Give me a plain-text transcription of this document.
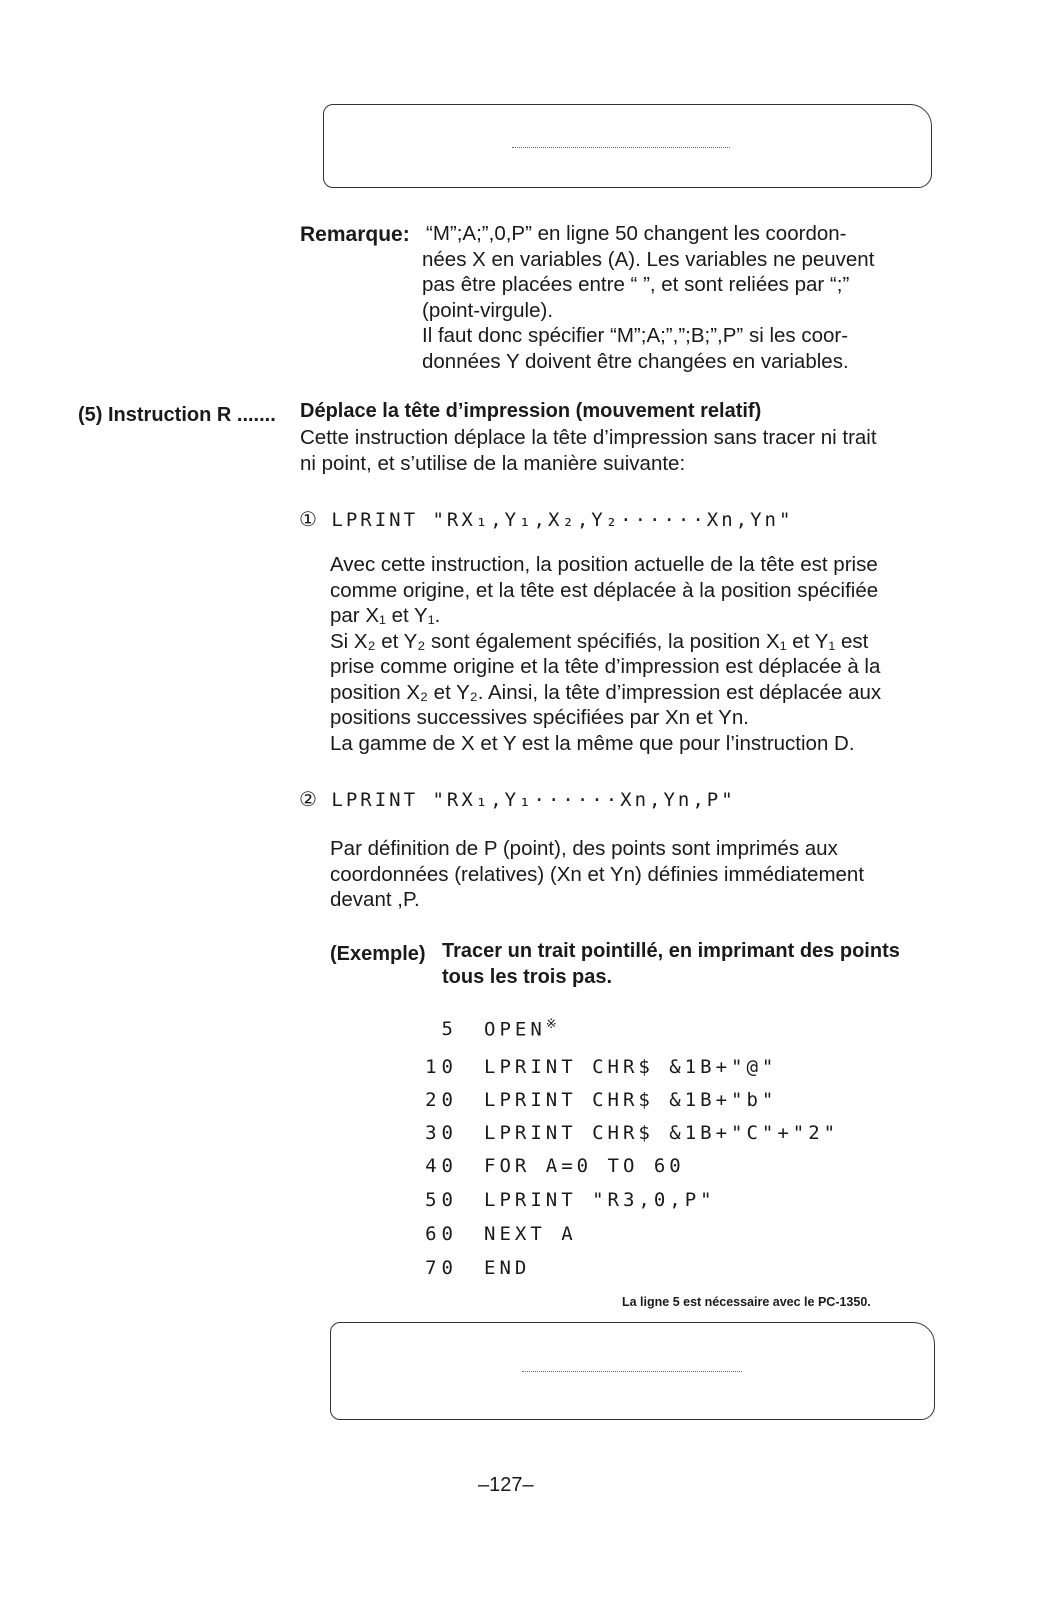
Remarque: “M”;A;”,0,P” en ligne 50 changent les coordon-
nées X en variables (A). Les variables ne peuvent
pas être placées entre “ ”, et sont reliées par “;”
(point-virgule).
Il faut donc spécifier “M”;A;”,”;B;”,P” si les coor-
données Y doivent être changées en variables.
(5) Instruction R ....... Déplace la tête d’impression (mouvement relatif)
Cette instruction déplace la tête d’impression sans tracer ni trait
ni point, et s’utilise de la manière suivante:
① LPRINT "RX₁,Y₁,X₂,Y₂······Xn,Yn"
Avec cette instruction, la position actuelle de la tête est prise
comme origine, et la tête est déplacée à la position spécifiée
par X₁ et Y₁.
Si X₂ et Y₂ sont également spécifiés, la position X₁ et Y₁ est
prise comme origine et la tête d’impression est déplacée à la
position X₂ et Y₂. Ainsi, la tête d’impression est déplacée aux
positions successives spécifiées par Xn et Yn.
La gamme de X et Y est la même que pour l’instruction D.
② LPRINT "RX₁,Y₁······Xn,Yn,P"
Par définition de P (point), des points sont imprimés aux
coordonnées (relatives) (Xn et Yn) définies immédiatement
devant ,P.
(Exemple) Tracer un trait pointillé, en imprimant des points
tous les trois pas.
5 OPEN※
10 LPRINT CHR$ &1B+"@"
20 LPRINT CHR$ &1B+"b"
30 LPRINT CHR$ &1B+"C"+"2"
40 FOR A=0 TO 60
50 LPRINT "R3,0,P"
60 NEXT A
70 END
La ligne 5 est nécessaire avec le PC-1350.
–127–
